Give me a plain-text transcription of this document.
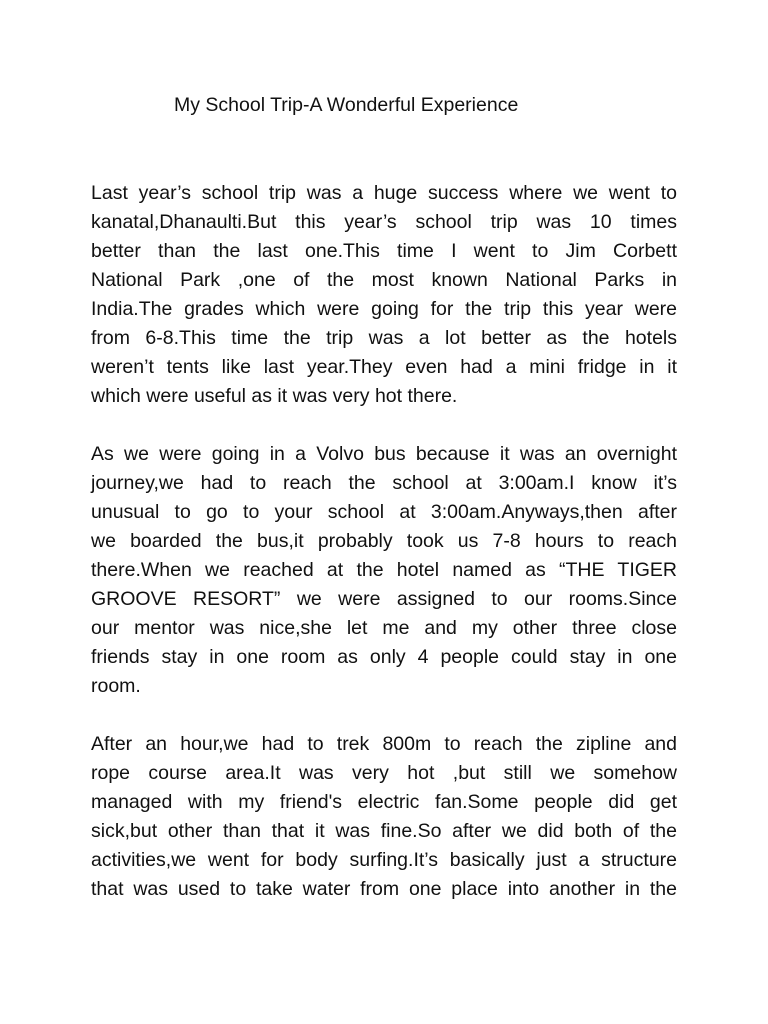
My School Trip-A Wonderful Experience

Last year’s school trip was a huge success where we went to
kanatal,Dhanaulti.But this year’s school trip was 10 times
better than the last one.This time I went to Jim Corbett
National Park ,one of the most known National Parks in
India.The grades which were going for the trip this year were
from 6-8.This time the trip was a lot better as the hotels
weren’t tents like last year.They even had a mini fridge in it
which were useful as it was very hot there.

As we were going in a Volvo bus because it was an overnight
journey,we had to reach the school at 3:00am.I know it’s
unusual to go to your school at 3:00am.Anyways,then after
we boarded the bus,it probably took us 7-8 hours to reach
there.When we reached at the hotel named as “THE TIGER
GROOVE RESORT” we were assigned to our rooms.Since
our mentor was nice,she let me and my other three close
friends stay in one room as only 4 people could stay in one
room.

After an hour,we had to trek 800m to reach the zipline and
rope course area.It was very hot ,but still we somehow
managed with my friend's electric fan.Some people did get
sick,but other than that it was fine.So after we did both of the
activities,we went for body surfing.It’s basically just a structure
that was used to take water from one place into another in the
